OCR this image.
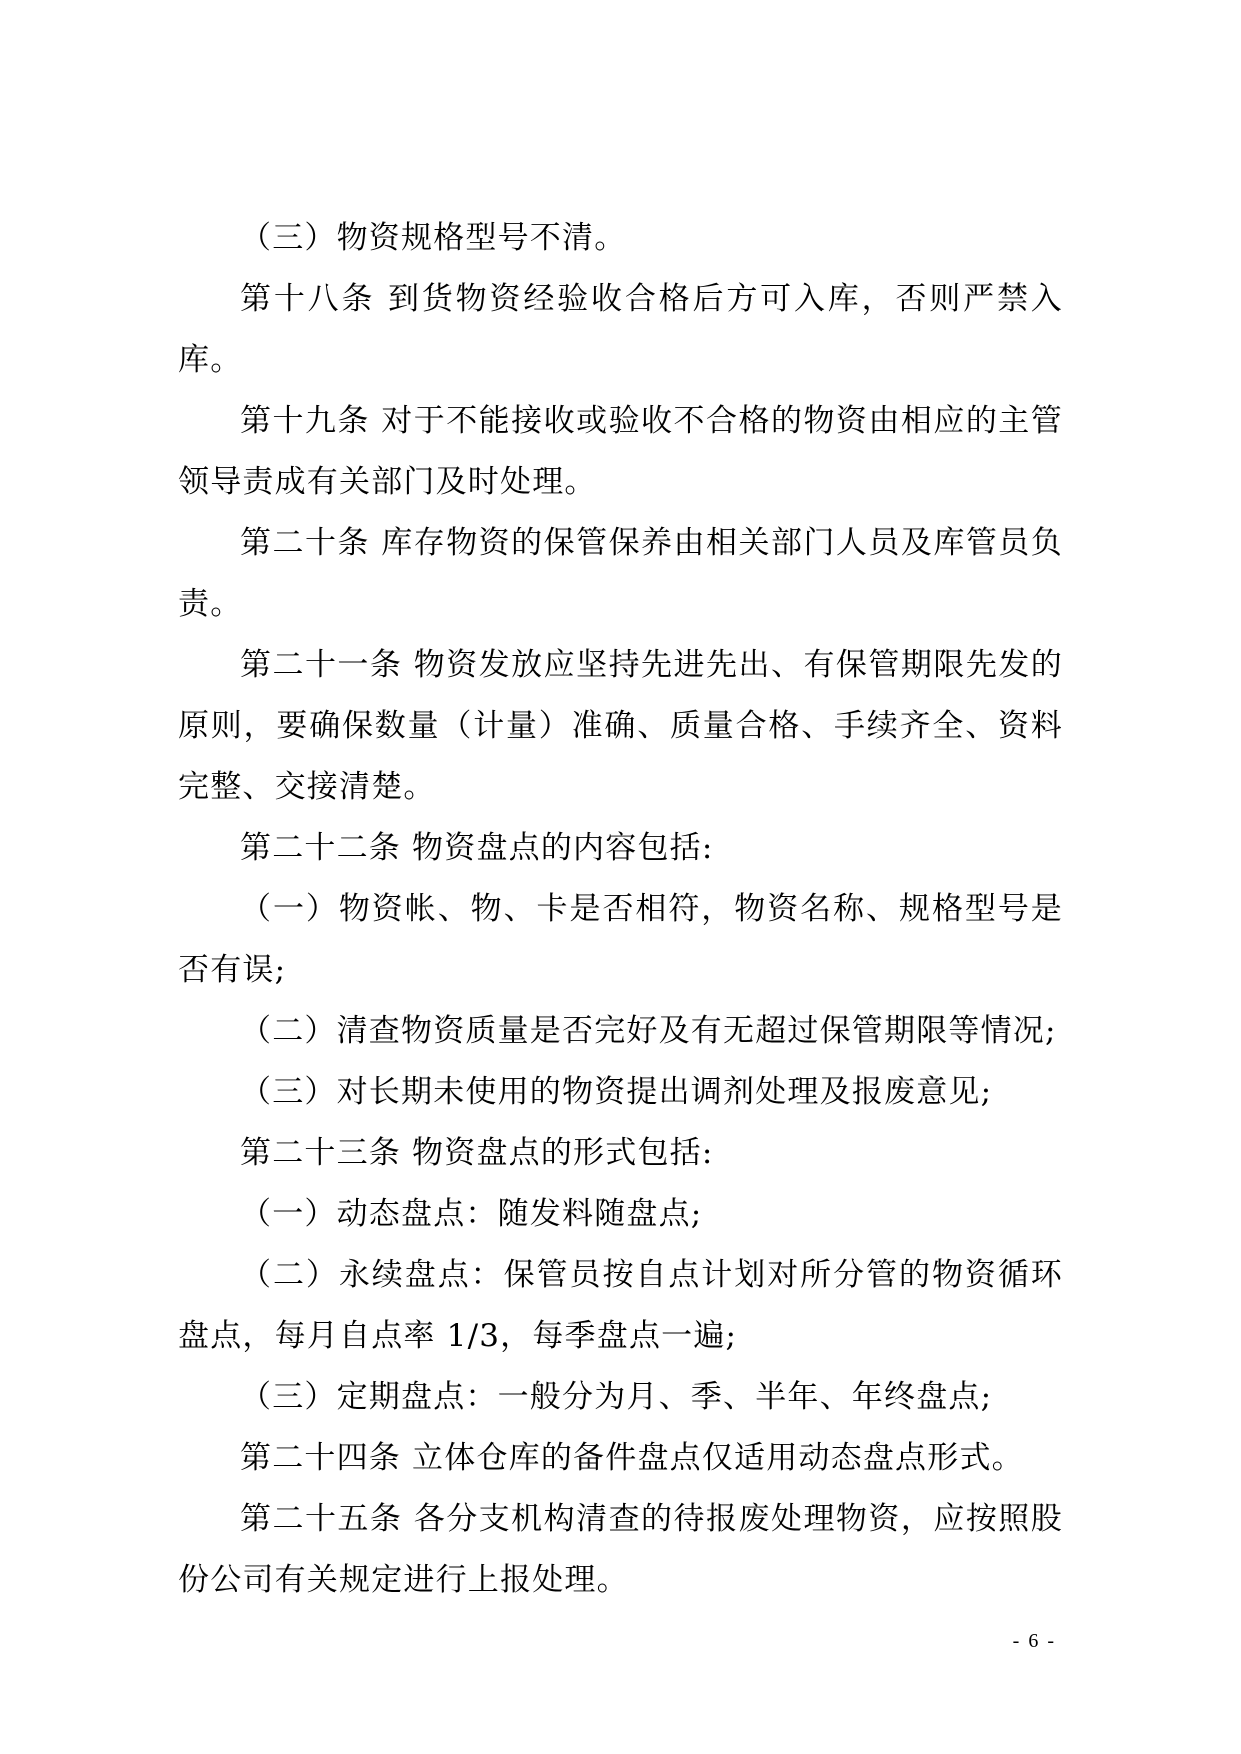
（三）物资规格型号不清。

第十八条 到货物资经验收合格后方可入库，否则严禁入库。

第十九条 对于不能接收或验收不合格的物资由相应的主管领导责成有关部门及时处理。

第二十条 库存物资的保管保养由相关部门人员及库管员负责。

第二十一条 物资发放应坚持先进先出、有保管期限先发的原则，要确保数量（计量）准确、质量合格、手续齐全、资料完整、交接清楚。

第二十二条 物资盘点的内容包括:

（一）物资帐、物、卡是否相符，物资名称、规格型号是否有误;

（二）清查物资质量是否完好及有无超过保管期限等情况;

（三）对长期未使用的物资提出调剂处理及报废意见;

第二十三条 物资盘点的形式包括:

（一）动态盘点：随发料随盘点;

（二）永续盘点：保管员按自点计划对所分管的物资循环盘点，每月自点率 1/3，每季盘点一遍;

（三）定期盘点：一般分为月、季、半年、年终盘点;

第二十四条 立体仓库的备件盘点仅适用动态盘点形式。

第二十五条 各分支机构清查的待报废处理物资，应按照股份公司有关规定进行上报处理。

- 6 -
